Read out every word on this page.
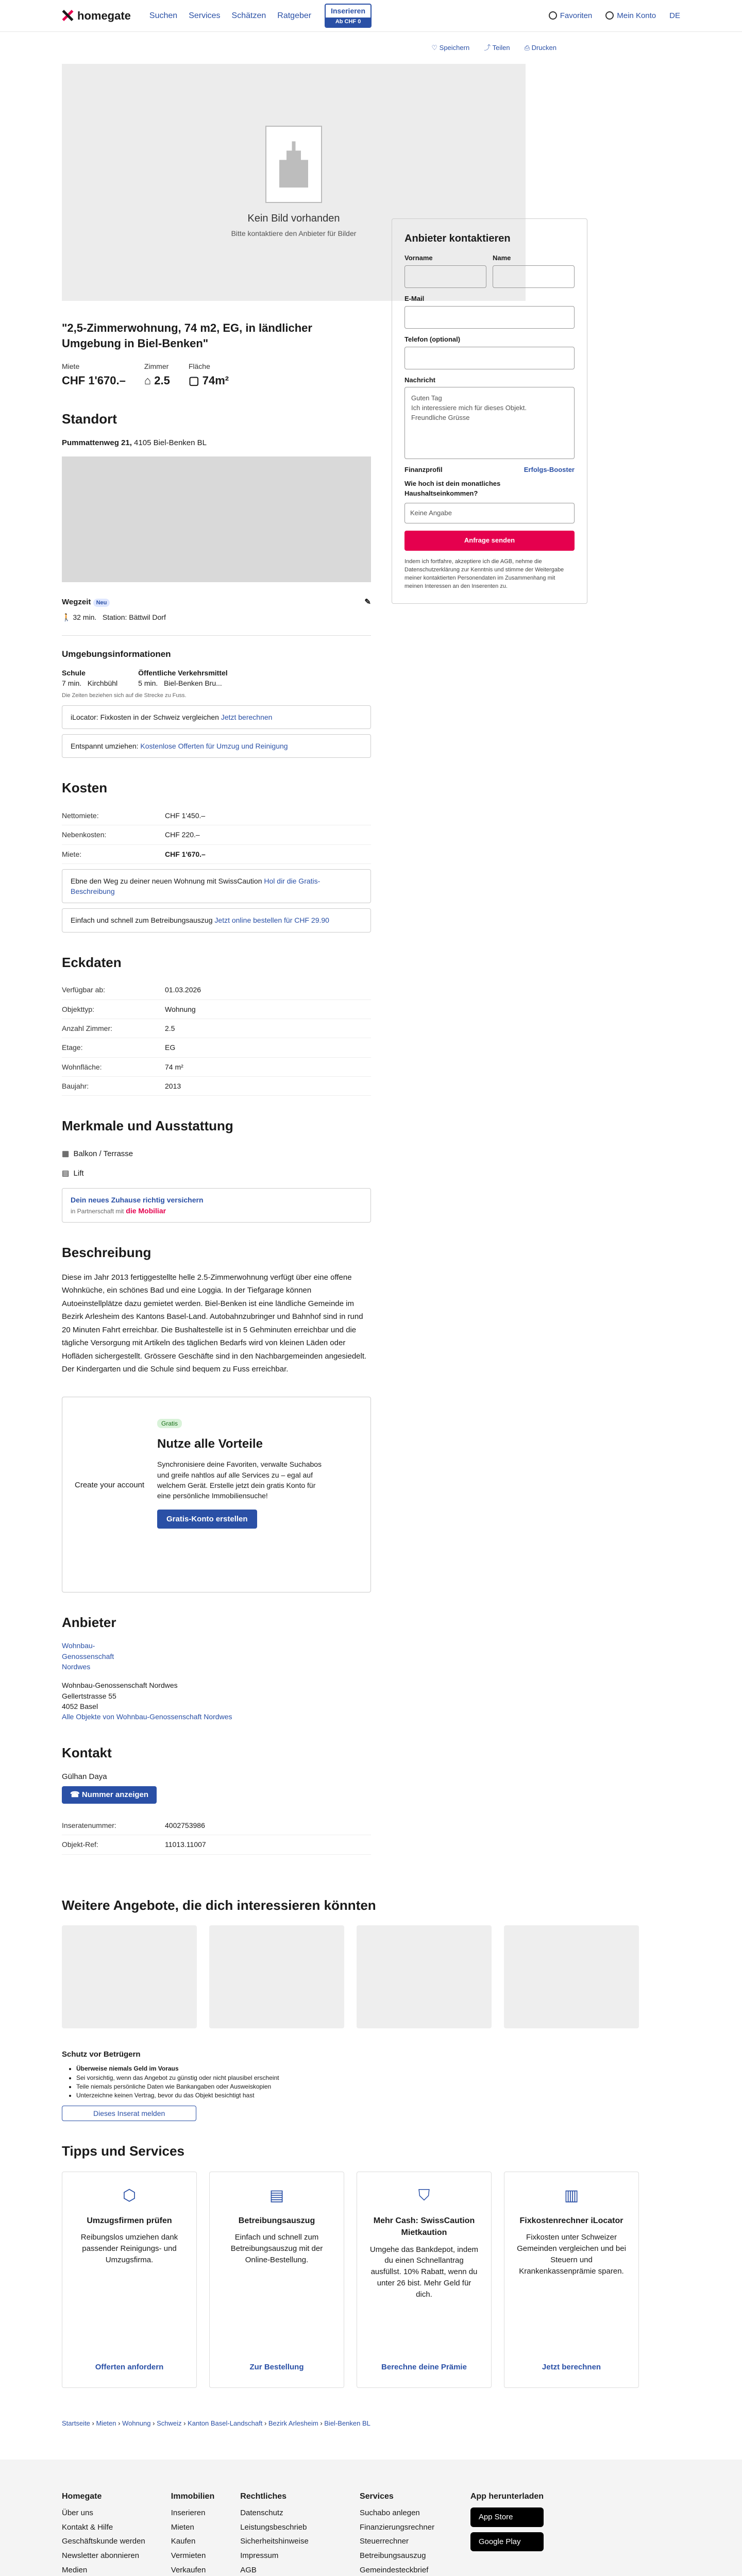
homegate Suchen Services Schätzen Ratgeber
Inserieren
Ab CHF 0
Favoriten	Mein Konto DE
♡ Speichern ⤴ Teilen ⎙ Drucken
Kein Bild vorhanden

Bitte kontaktiere den Anbieter für Bilder

"2,5-Zimmerwohnung, 74 m2, EG, in ländlicher Umgebung in Biel-Benken"
Miete
CHF 1'670.–
Zimmer
⌂ 2.5
Fläche
▢ 74m²
Standort

Pummattenweg 21, 4105 Biel-Benken BL

Wegzeit Neu	✎

🚶 32 min. Station: Bättwil Dorf

Umgebungsinformationen

Schule
7 min. Kirchbühl
Öffentliche Verkehrsmittel
5 min. Biel-Benken Bru...

Die Zeiten beziehen sich auf die Strecke zu Fuss.

iLocator: Fixkosten in der Schweiz vergleichen Jetzt berechnen
Entspannt umziehen: Kostenlose Offerten für Umzug und Reinigung
Kosten
Nettomiete:	CHF 1'450.–
Nebenkosten:	CHF 220.–
Miete:	CHF 1'670.–
Ebne den Weg zu deiner neuen Wohnung mit SwissCaution Hol dir die Gratis-Beschreibung
Einfach und schnell zum Betreibungsauszug Jetzt online bestellen für CHF 29.90
Eckdaten
Verfügbar ab:	01.03.2026
Objekttyp:	Wohnung
Anzahl Zimmer:	2.5
Etage:	EG
Wohnfläche:	74 m²
Baujahr:	2013
Merkmale und Ausstattung

▦  Balkon / Terrasse

▤  Lift

Dein neues Zuhause richtig versichern
in Partnerschaft mit die Mobiliar
Beschreibung

Diese im Jahr 2013 fertiggestellte helle 2.5-Zimmerwohnung verfügt über eine offene Wohnküche, ein schönes Bad und eine Loggia. In der Tiefgarage können Autoeinstellplätze dazu gemietet werden. Biel-Benken ist eine ländliche Gemeinde im Bezirk Arlesheim des Kantons Basel-Land. Autobahnzubringer und Bahnhof sind in rund 20 Minuten Fahrt erreichbar. Die Bushaltestelle ist in 5 Gehminuten erreichbar und die tägliche Versorgung mit Artikeln des täglichen Bedarfs wird von kleinen Läden oder Hofläden sichergestellt. Grössere Geschäfte sind in den Nachbargemeinden angesiedelt. Der Kindergarten und die Schule sind bequem zu Fuss erreichbar.

Create your account
Gratis
Nutze alle Vorteile

Synchronisiere deine Favoriten, verwalte Suchabos und greife nahtlos auf alle Services zu – egal auf welchem Gerät. Erstelle jetzt dein gratis Konto für eine persönliche Immobiliensuche!

Gratis-Konto erstellen
Anbieter

Wohnbau-Genossenschaft Nordwes

Wohnbau-Genossenschaft Nordwes
Gellertstrasse 55
4052 Basel

Alle Objekte von Wohnbau-Genossenschaft Nordwes
Kontakt

Gülhan Daya

☎ Nummer anzeigen
Inseratenummer:	4002753986
Objekt-Ref:	11013.11007
Anbieter kontaktieren
Vorname	Name
E-Mail
Telefon (optional)
Nachricht
Guten Tag
Ich interessiere mich für dieses Objekt.
Freundliche Grüsse

Finanzprofil	Erfolgs-Booster

Wie hoch ist dein monatliches Haushaltseinkommen?

Keine Angabe
Anfrage senden

Indem ich fortfahre, akzeptiere ich die AGB, nehme die Datenschutzerklärung zur Kenntnis und stimme der Weitergabe meiner kontaktierten Personendaten im Zusammenhang mit meinen Interessen an den Inserenten zu.

Weitere Angebote, die dich interessieren könnten

Schutz vor Betrügern

• Überweise niemals Geld im Voraus
• Sei vorsichtig, wenn das Angebot zu günstig oder nicht plausibel erscheint
• Teile niemals persönliche Daten wie Bankangaben oder Ausweiskopien
• Unterzeichne keinen Vertrag, bevor du das Objekt besichtigt hast
Dieses Inserat melden
Tipps und Services
⬡
Umzugsfirmen prüfen

Reibungslos umziehen dank passender Reinigungs- und Umzugsfirma.

Offerten anfordern
▤
Betreibungsauszug

Einfach und schnell zum Betreibungsauszug mit der Online-Bestellung.

Zur Bestellung
⛉
Mehr Cash: SwissCaution Mietkaution

Umgehe das Bankdepot, indem du einen Schnellantrag ausfüllst. 10% Rabatt, wenn du unter 26 bist. Mehr Geld für dich.

Berechne deine Prämie
▥
Fixkostenrechner iLocator

Fixkosten unter Schweizer Gemeinden vergleichen und bei Steuern und Krankenkassenprämie sparen.

Jetzt berechnen
Startseite › Mieten › Wohnung › Schweiz › Kanton Basel-Landschaft › Bezirk Arlesheim › Biel-Benken BL
Homegate
Über uns
Kontakt & Hilfe
Geschäftskunde werden
Newsletter abonnieren
Medien
Immobilien
Inserieren
Mieten
Kaufen
Vermieten
Verkaufen
Rechtliches
Datenschutz
Leistungsbeschrieb
Sicherheitshinweise
Impressum
AGB
Services
Suchabo anlegen
Finanzierungsrechner
Steuerrechner
Betreibungsauszug
Gemeindesteckbrief
App herunterladen
App Store
Google Play
